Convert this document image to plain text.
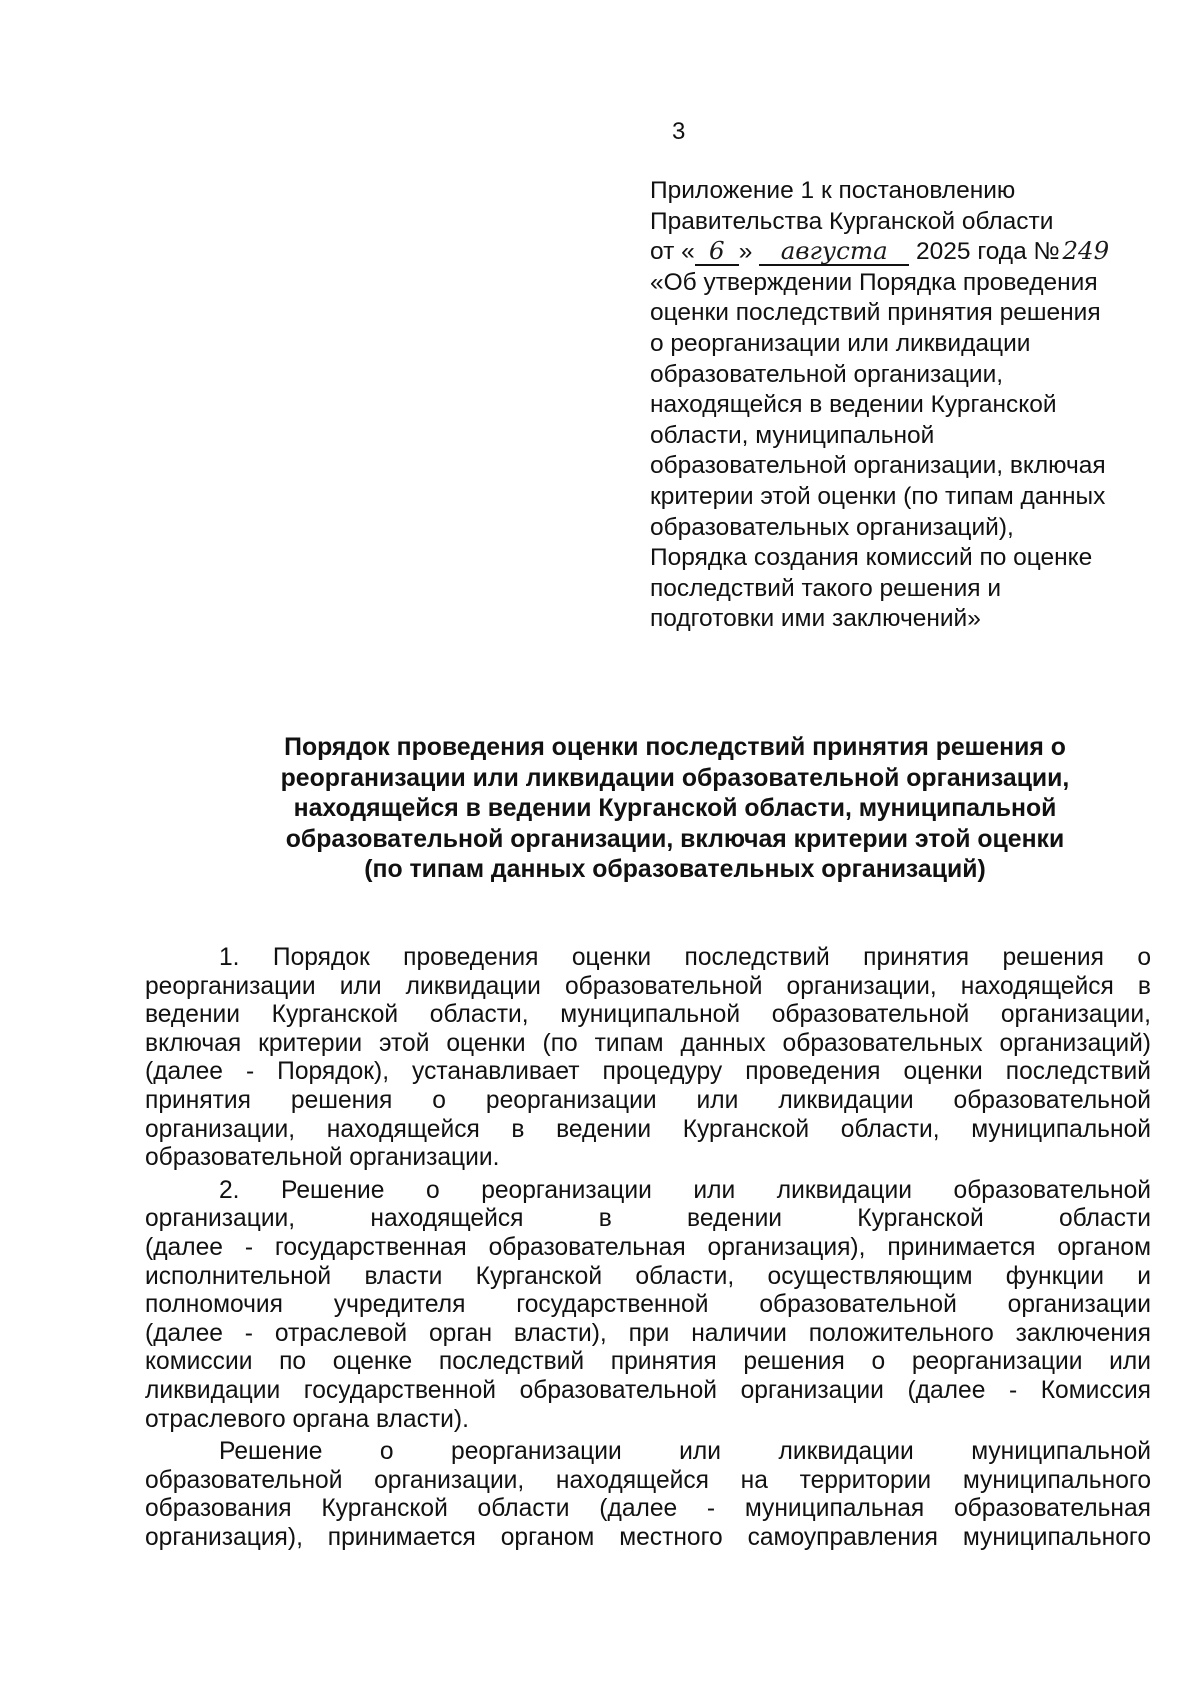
3
Приложение 1 к постановлению
Правительства Курганской области
от « 6 » августа 2025 года № 249
«Об утверждении Порядка проведения
оценки последствий принятия решения
о реорганизации или ликвидации
образовательной организации,
находящейся в ведении Курганской
области, муниципальной
образовательной организации, включая
критерии этой оценки (по типам данных
образовательных организаций),
Порядка создания комиссий по оценке
последствий такого решения и
подготовки ими заключений»
Порядок проведения оценки последствий принятия решения о
реорганизации или ликвидации образовательной организации,
находящейся в ведении Курганской области, муниципальной
образовательной организации, включая критерии этой оценки
(по типам данных образовательных организаций)
1. Порядок проведения оценки последствий принятия решения о
реорганизации или ликвидации образовательной организации, находящейся в
ведении Курганской области, муниципальной образовательной организации,
включая критерии этой оценки (по типам данных образовательных организаций)
(далее - Порядок), устанавливает процедуру проведения оценки последствий
принятия решения о реорганизации или ликвидации образовательной
организации, находящейся в ведении Курганской области, муниципальной
образовательной организации.
2. Решение о реорганизации или ликвидации образовательной
организации, находящейся в ведении Курганской области
(далее - государственная образовательная организация), принимается органом
исполнительной власти Курганской области, осуществляющим функции и
полномочия учредителя государственной образовательной организации
(далее - отраслевой орган власти), при наличии положительного заключения
комиссии по оценке последствий принятия решения о реорганизации или
ликвидации государственной образовательной организации (далее - Комиссия
отраслевого органа власти).
Решение о реорганизации или ликвидации муниципальной
образовательной организации, находящейся на территории муниципального
образования Курганской области (далее - муниципальная образовательная
организация), принимается органом местного самоуправления муниципального
